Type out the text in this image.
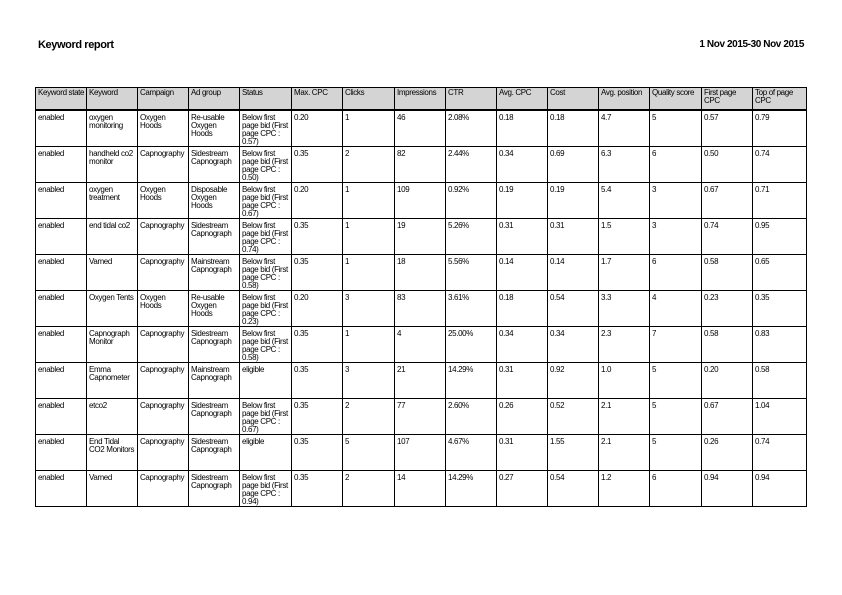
Keyword report	1 Nov 2015-30 Nov 2015
Keyword state	Keyword	Campaign	Ad group	Status	Max. CPC	Clicks	Impressions	CTR	Avg. CPC	Cost	Avg. position	Quality score	First page CPC	Top of page CPC

enabled	oxygen monitoring	Oxygen Hoods	Re-usable Oxygen Hoods	Below first page bid (First page CPC : 0.57)	0.20	1	46	2.08%	0.18	0.18	4.7	5	0.57	0.79

enabled	handheld co2 monitor	Capnography	Sidestream Capnograph	Below first page bid (First page CPC : 0.50)	0.35	2	82	2.44%	0.34	0.69	6.3	6	0.50	0.74

enabled	oxygen treatment	Oxygen Hoods	Disposable Oxygen Hoods	Below first page bid (First page CPC : 0.67)	0.20	1	109	0.92%	0.19	0.19	5.4	3	0.67	0.71

enabled	end tidal co2	Capnography	Sidestream Capnograph	Below first page bid (First page CPC : 0.74)	0.35	1	19	5.26%	0.31	0.31	1.5	3	0.74	0.95

enabled	Vamed	Capnography	Mainstream Capnograph	Below first page bid (First page CPC : 0.58)	0.35	1	18	5.56%	0.14	0.14	1.7	6	0.58	0.65

enabled	Oxygen Tents	Oxygen Hoods	Re-usable Oxygen Hoods	Below first page bid (First page CPC : 0.23)	0.20	3	83	3.61%	0.18	0.54	3.3	4	0.23	0.35

enabled	Capnograph Monitor	Capnography	Sidestream Capnograph	Below first page bid (First page CPC : 0.58)	0.35	1	4	25.00%	0.34	0.34	2.3	7	0.58	0.83

enabled	Emma Capnometer	Capnography	Mainstream Capnograph	eligible	0.35	3	21	14.29%	0.31	0.92	1.0	5	0.20	0.58

enabled	etco2	Capnography	Sidestream Capnograph	Below first page bid (First page CPC : 0.67)	0.35	2	77	2.60%	0.26	0.52	2.1	5	0.67	1.04

enabled	End Tidal CO2 Monitors	Capnography	Sidestream Capnograph	eligible	0.35	5	107	4.67%	0.31	1.55	2.1	5	0.26	0.74

enabled	Vamed	Capnography	Sidestream Capnograph	Below first page bid (First page CPC : 0.94)	0.35	2	14	14.29%	0.27	0.54	1.2	6	0.94	0.94
